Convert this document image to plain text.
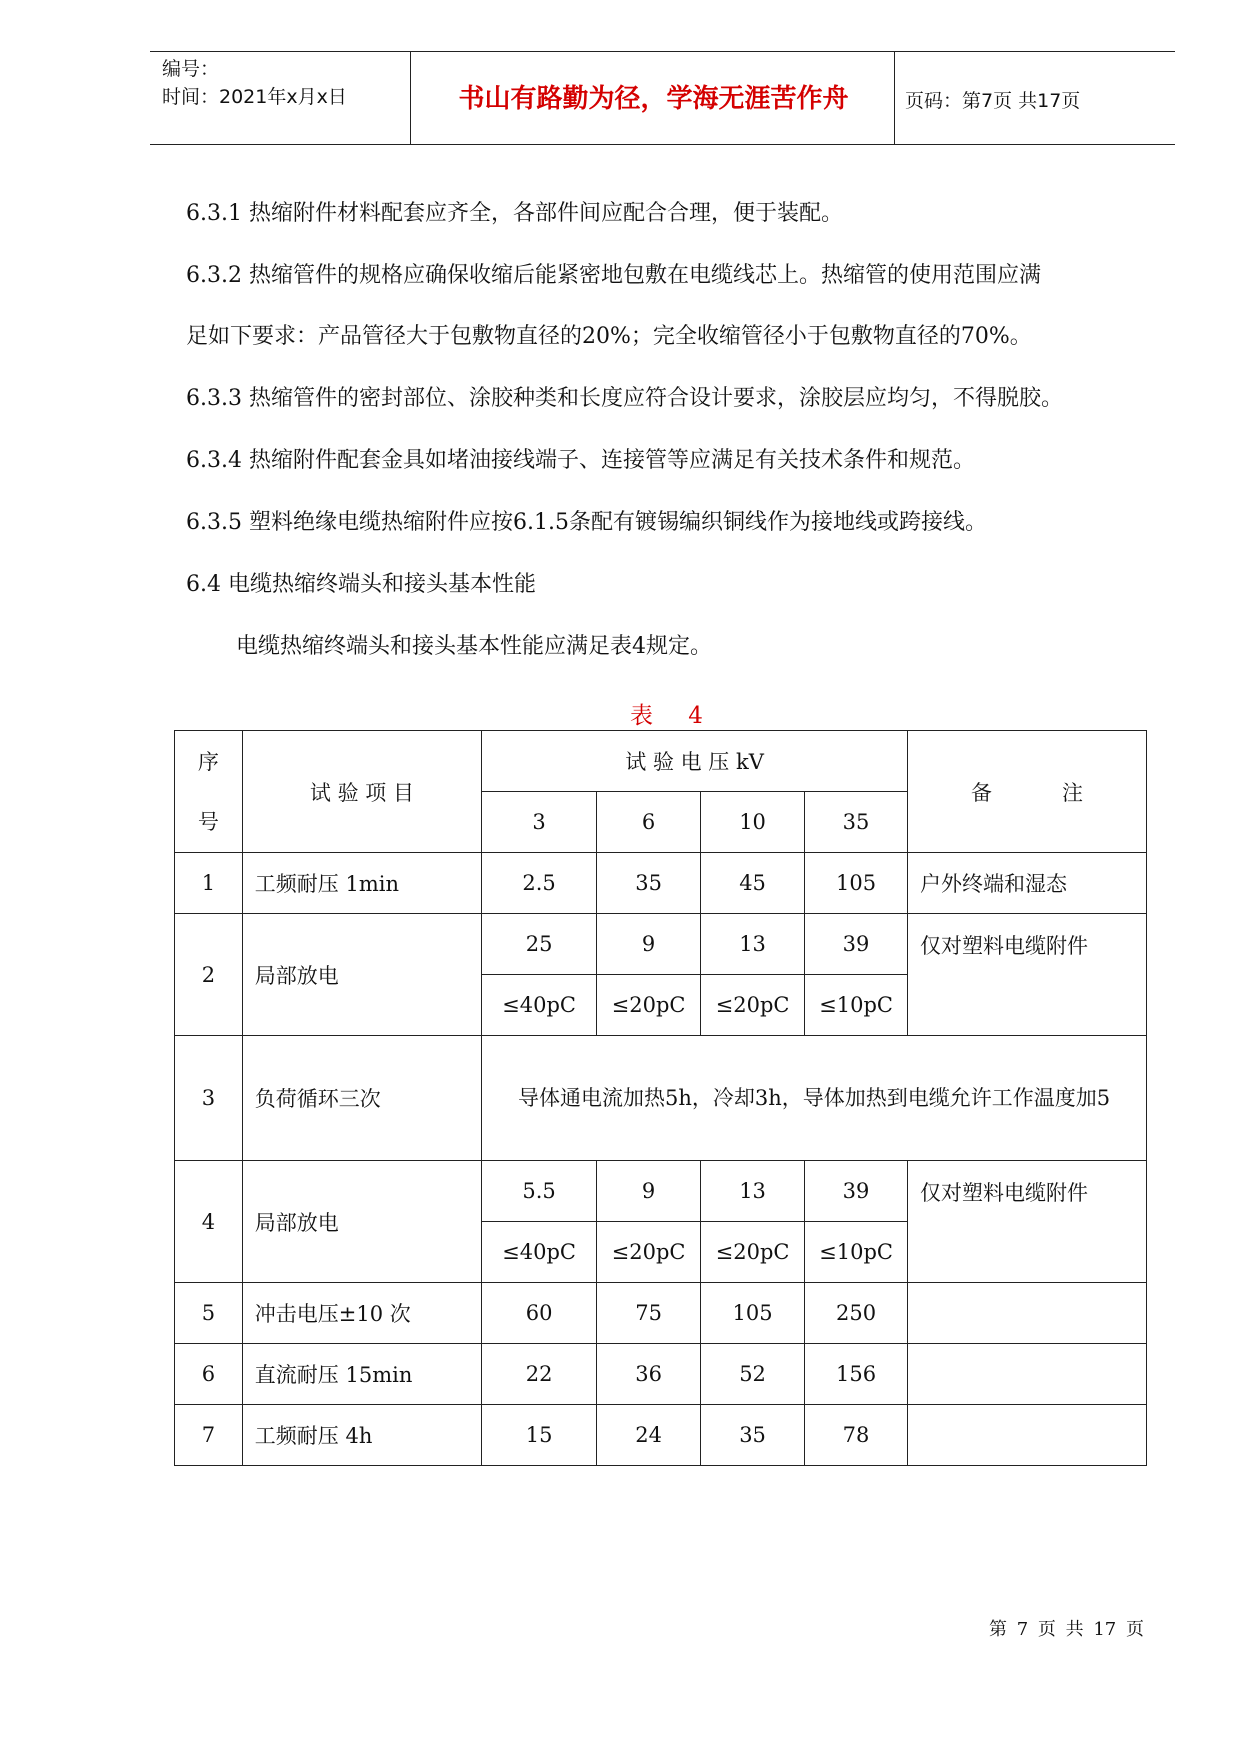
编号：
时间：2021年x月x日	书山有路勤为径，学海无涯苦作舟	页码：第7页 共17页
6.3.1 热缩附件材料配套应齐全，各部件间应配合合理，便于装配。
6.3.2 热缩管件的规格应确保收缩后能紧密地包敷在电缆线芯上。热缩管的使用范围应满
足如下要求：产品管径大于包敷物直径的20%；完全收缩管径小于包敷物直径的70%。
6.3.3 热缩管件的密封部位、涂胶种类和长度应符合设计要求，涂胶层应均匀，不得脱胶。
6.3.4 热缩附件配套金具如堵油接线端子、连接管等应满足有关技术条件和规范。
6.3.5 塑料绝缘电缆热缩附件应按6.1.5条配有镀锡编织铜线作为接地线或跨接线。
6.4 电缆热缩终端头和接头基本性能
电缆热缩终端头和接头基本性能应满足表4规定。
表 4
序
号	试 验 项 目	试 验 电 压 kV				备 注
		3	6	10	35	
1	工频耐压 1min	2.5	35	45	105	户外终端和湿态
2	局部放电	25	9	13	39	仅对塑料电缆附件
		≤40pC	≤20pC	≤20pC	≤10pC	
3	负荷循环三次	导体通电流加热5h，冷却3h，导体加热到电缆允许工作温度加5				

4	局部放电	5.5	9	13	39	仅对塑料电缆附件
		≤40pC	≤20pC	≤20pC	≤10pC	
5	冲击电压±10 次	60	75	105	250	
6	直流耐压 15min	22	36	52	156	
7	工频耐压 4h	15	24	35	78	
第 7 页 共 17 页
